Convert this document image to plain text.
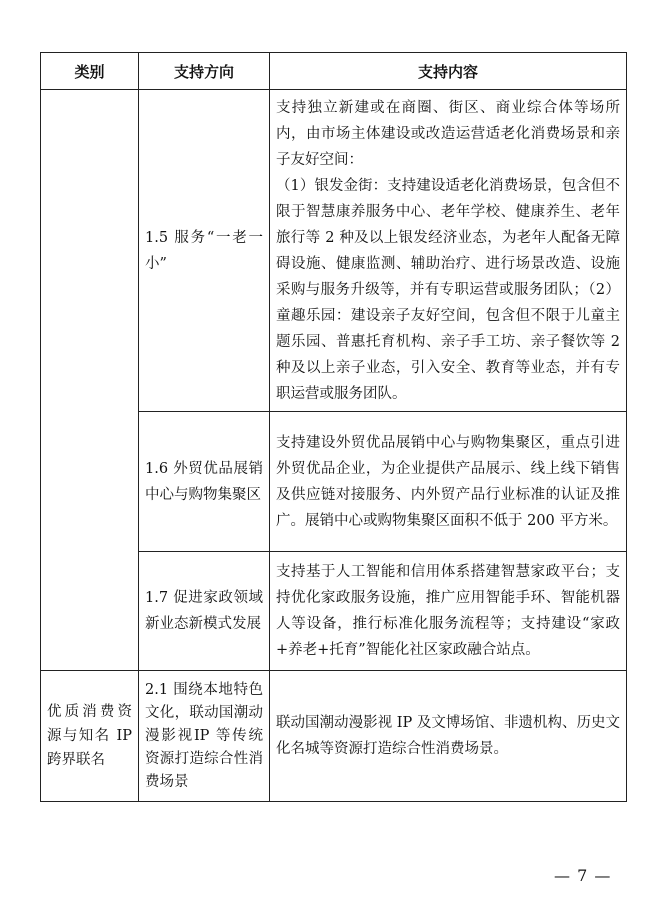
类别	支持方向	支持内容
	1.5 服务“一老一小”	支持独立新建或在商圈、街区、商业综合体等场所内，由市场主体建设或改造运营适老化消费场景和亲子友好空间：
（1）银发金街：支持建设适老化消费场景，包含但不限于智慧康养服务中心、老年学校、健康养生、老年旅行等 2 种及以上银发经济业态，为老年人配备无障碍设施、健康监测、辅助治疗、进行场景改造、设施采购与服务升级等，并有专职运营或服务团队；（2）童趣乐园：建设亲子友好空间，包含但不限于儿童主题乐园、普惠托育机构、亲子手工坊、亲子餐饮等 2 种及以上亲子业态，引入安全、教育等业态，并有专职运营或服务团队。

	1.6 外贸优品展销中心与购物集聚区	支持建设外贸优品展销中心与购物集聚区，重点引进外贸优品企业，为企业提供产品展示、线上线下销售及供应链对接服务、内外贸产品行业标准的认证及推广。展销中心或购物集聚区面积不低于 200 平方米。

	1.7 促进家政领域新业态新模式发展	支持基于人工智能和信用体系搭建智慧家政平台；支持优化家政服务设施，推广应用智能手环、智能机器人等设备，推行标准化服务流程等；支持建设“家政+养老+托育”智能化社区家政融合站点。

优质消费资源与知名 IP 跨界联名	2.1 围绕本地特色文化，联动国潮动漫影视IP 等传统资源打造综合性消费场景	联动国潮动漫影视 IP 及文博场馆、非遗机构、历史文化名城等资源打造综合性消费场景。
— 7 —
